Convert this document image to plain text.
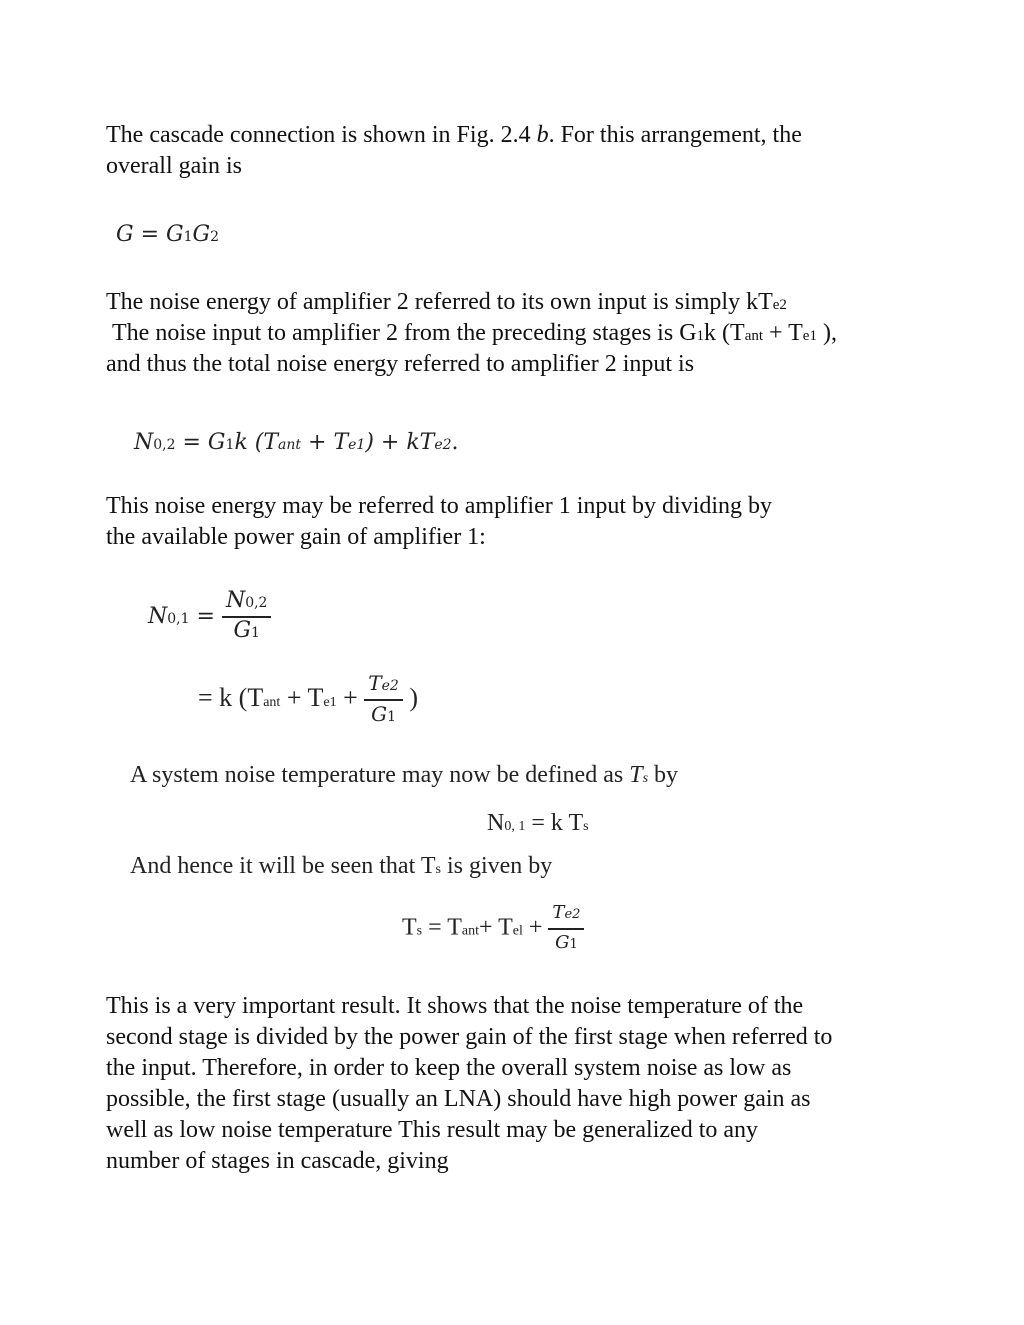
The cascade connection is shown in Fig. 2.4 b. For this arrangement, the

overall gain is

G = G1G2

The noise energy of amplifier 2 referred to its own input is simply kTe2

The noise input to amplifier 2 from the preceding stages is G1k (Tant + Te1 ),

and thus the total noise energy referred to amplifier 2 input is

N0,2 = G1k (Tant + Te1) + kTe2.

This noise energy may be referred to amplifier 1 input by dividing by

the available power gain of amplifier 1:

$N0,1 = \frac{N0,2}{G1}$
= k (Tant + $Te1 + \frac{Te2}{G1}$ )
A system noise temperature may now be defined as Ts by
N0, 1 = k Ts
And hence it will be seen that Ts is given by
Ts = Tant+ Tel + $\frac{Te2}{G1}$

This is a very important result. It shows that the noise temperature of the

second stage is divided by the power gain of the first stage when referred to

the input. Therefore, in order to keep the overall system noise as low as

possible, the first stage (usually an LNA) should have high power gain as

well as low noise temperature This result may be generalized to any

number of stages in cascade, giving
